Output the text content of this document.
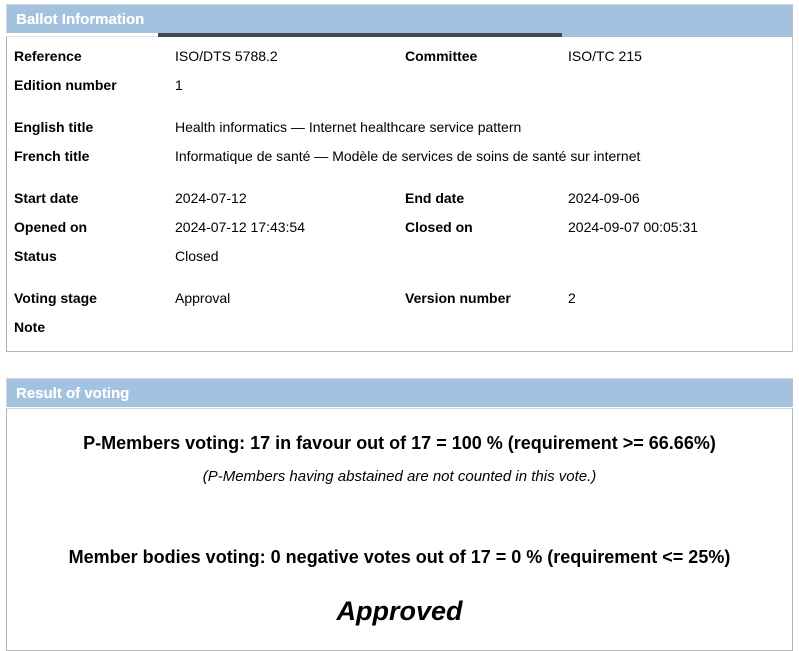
Ballot Information
Reference	ISO/DTS 5788.2	Committee	ISO/TC 215
Edition number	1
English title	Health informatics — Internet healthcare service pattern
French title	Informatique de santé — Modèle de services de soins de santé sur internet
Start date	2024-07-12	End date	2024-09-06
Opened on	2024-07-12 17:43:54	Closed on	2024-09-07 00:05:31
Status	Closed
Voting stage	Approval	Version number	2
Note
Result of voting
P-Members voting: 17 in favour out of 17 = 100 % (requirement >= 66.66%)
(P-Members having abstained are not counted in this vote.)
Member bodies voting: 0 negative votes out of 17 = 0 % (requirement <= 25%)
Approved
